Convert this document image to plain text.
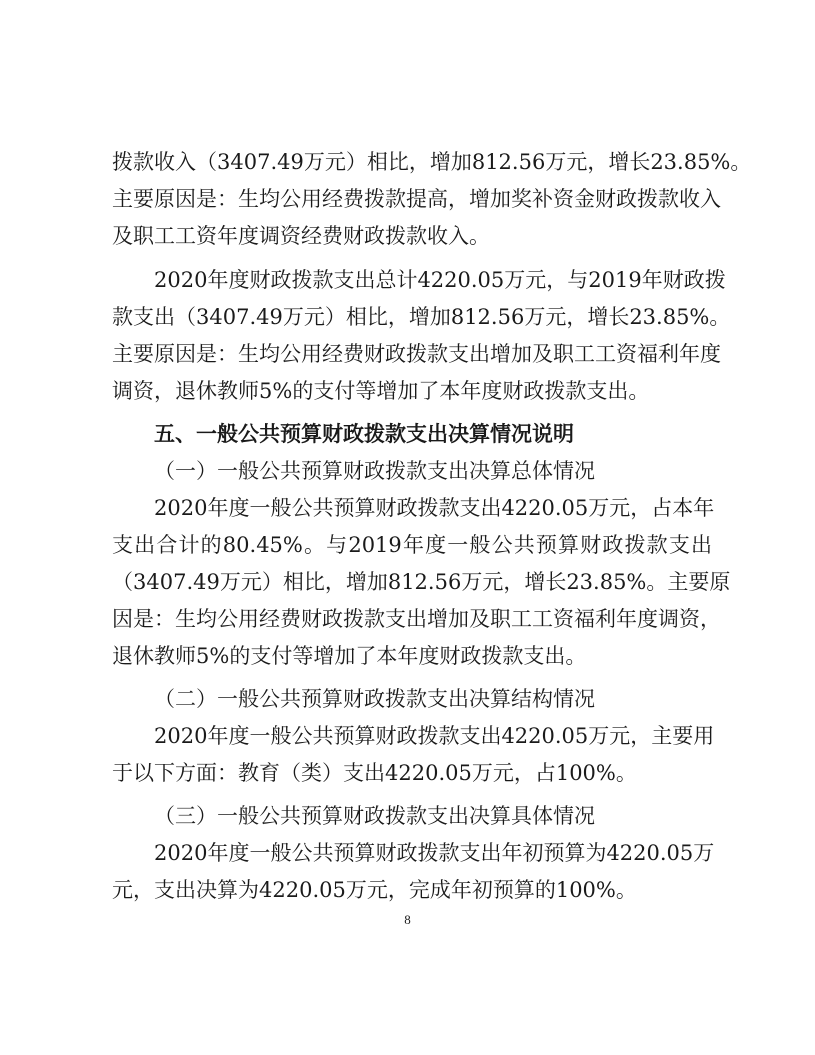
拨款收入（3407.49万元）相比，增加812.56万元，增长23.85%。
主要原因是：生均公用经费拨款提高，增加奖补资金财政拨款收入
及职工工资年度调资经费财政拨款收入。
2020年度财政拨款支出总计4220.05万元，与2019年财政拨
款支出（3407.49万元）相比，增加812.56万元，增长23.85%。
主要原因是：生均公用经费财政拨款支出增加及职工工资福利年度
调资，退休教师5%的支付等增加了本年度财政拨款支出。
五、一般公共预算财政拨款支出决算情况说明
（一）一般公共预算财政拨款支出决算总体情况
2020年度一般公共预算财政拨款支出4220.05万元，占本年
支出合计的80.45%。与2019年度一般公共预算财政拨款支出
（3407.49万元）相比，增加812.56万元，增长23.85%。主要原
因是：生均公用经费财政拨款支出增加及职工工资福利年度调资，
退休教师5%的支付等增加了本年度财政拨款支出。
（二）一般公共预算财政拨款支出决算结构情况
2020年度一般公共预算财政拨款支出4220.05万元，主要用
于以下方面：教育（类）支出4220.05万元，占100%。
（三）一般公共预算财政拨款支出决算具体情况
2020年度一般公共预算财政拨款支出年初预算为4220.05万
元，支出决算为4220.05万元，完成年初预算的100%。
8
